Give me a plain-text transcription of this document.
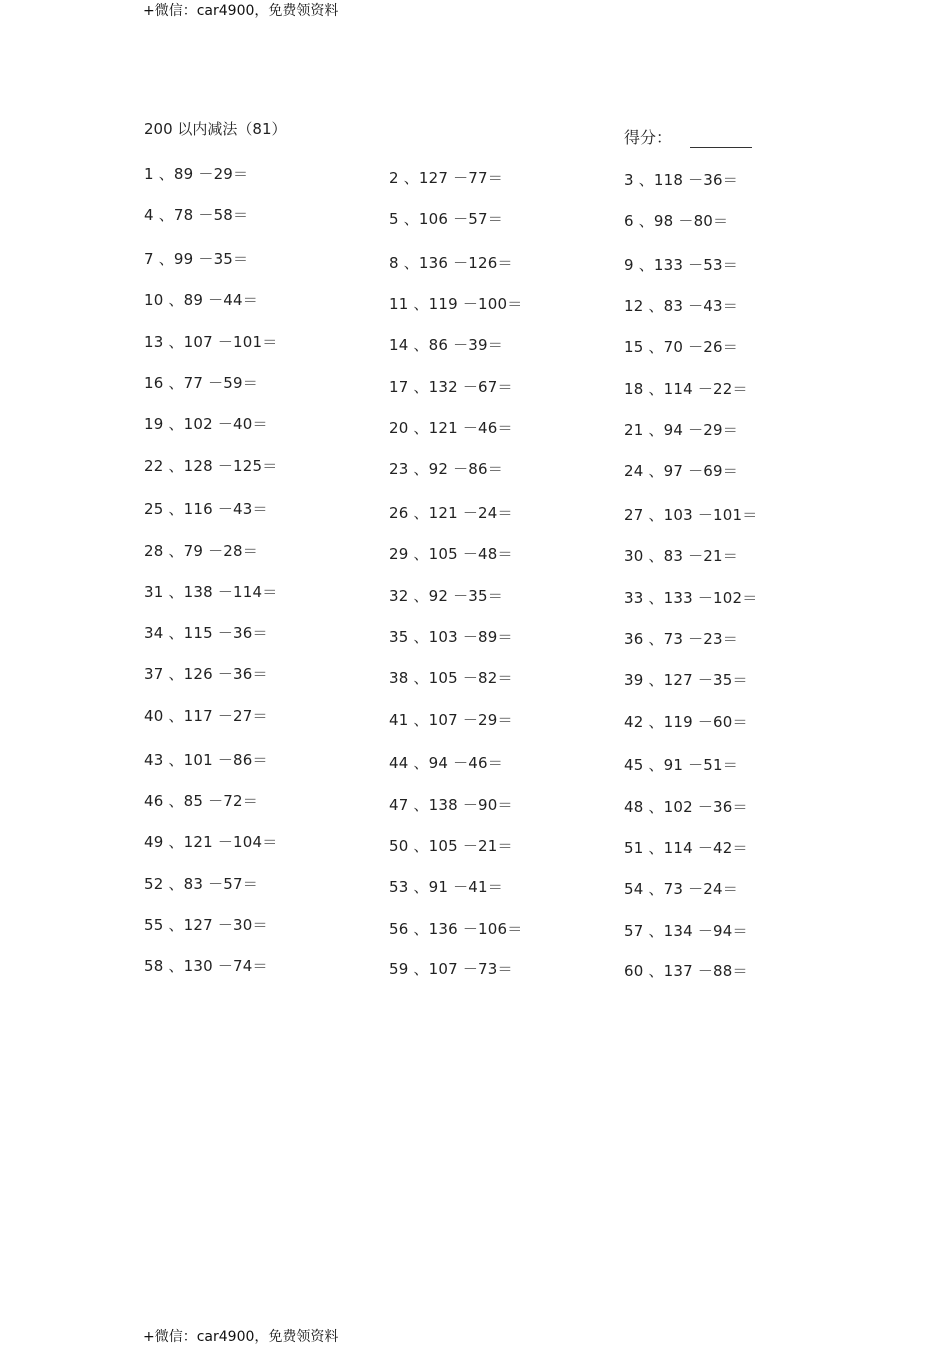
+微信：car4900，免费领资料
200 以内减法（81）	得分：
1 、89 －29＝	2 、127 －77＝	3 、118 －36＝
4 、78 －58＝	5 、106 －57＝	6 、98 －80＝
7 、99 －35＝	8 、136 －126＝	9 、133 －53＝
10 、89 －44＝	11 、119 －100＝	12 、83 －43＝
13 、107 －101＝	14 、86 －39＝	15 、70 －26＝
16 、77 －59＝	17 、132 －67＝	18 、114 －22＝
19 、102 －40＝	20 、121 －46＝	21 、94 －29＝
22 、128 －125＝	23 、92 －86＝	24 、97 －69＝
25 、116 －43＝	26 、121 －24＝	27 、103 －101＝
28 、79 －28＝	29 、105 －48＝	30 、83 －21＝
31 、138 －114＝	32 、92 －35＝	33 、133 －102＝
34 、115 －36＝	35 、103 －89＝	36 、73 －23＝
37 、126 －36＝	38 、105 －82＝	39 、127 －35＝
40 、117 －27＝	41 、107 －29＝	42 、119 －60＝
43 、101 －86＝	44 、94 －46＝	45 、91 －51＝
46 、85 －72＝	47 、138 －90＝	48 、102 －36＝
49 、121 －104＝	50 、105 －21＝	51 、114 －42＝
52 、83 －57＝	53 、91 －41＝	54 、73 －24＝
55 、127 －30＝	56 、136 －106＝	57 、134 －94＝
58 、130 －74＝	59 、107 －73＝	60 、137 －88＝
+微信：car4900，免费领资料
